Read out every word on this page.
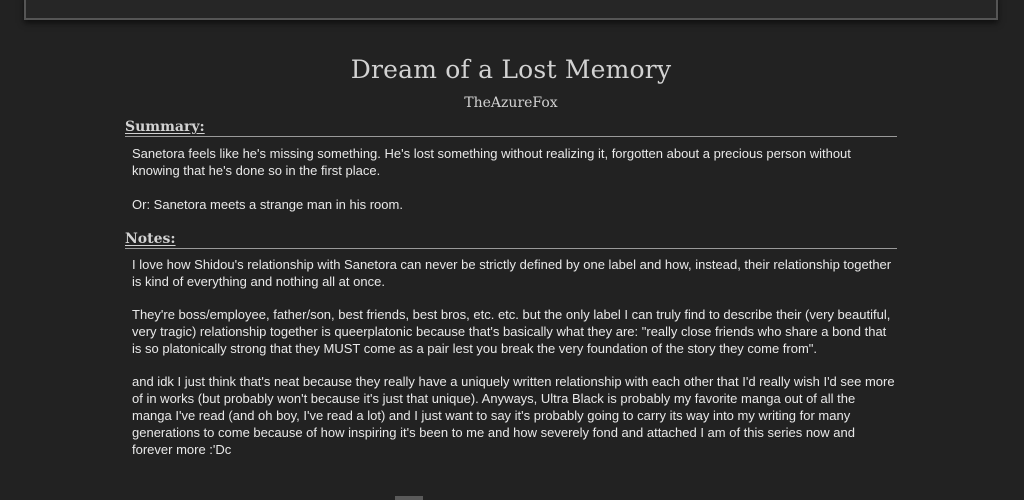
Dream of a Lost Memory
TheAzureFox
Summary:

Sanetora feels like he's missing something. He's lost something without realizing it, forgotten about a precious person without knowing that he's done so in the first place.

Or: Sanetora meets a strange man in his room.

Notes:

I love how Shidou's relationship with Sanetora can never be strictly defined by one label and how, instead, their relationship together is kind of everything and nothing all at once.

They're boss/employee, father/son, best friends, best bros, etc. etc. but the only label I can truly find to describe their (very beautiful, very tragic) relationship together is queerplatonic because that's basically what they are: "really close friends who share a bond that is so platonically strong that they MUST come as a pair lest you break the very foundation of the story they come from".

and idk I just think that's neat because they really have a uniquely written relationship with each other that I'd really wish I'd see more of in works (but probably won't because it's just that unique). Anyways, Ultra Black is probably my favorite manga out of all the manga I've read (and oh boy, I've read a lot) and I just want to say it's probably going to carry its way into my writing for many generations to come because of how inspiring it's been to me and how severely fond and attached I am of this series now and forever more :'Dc
